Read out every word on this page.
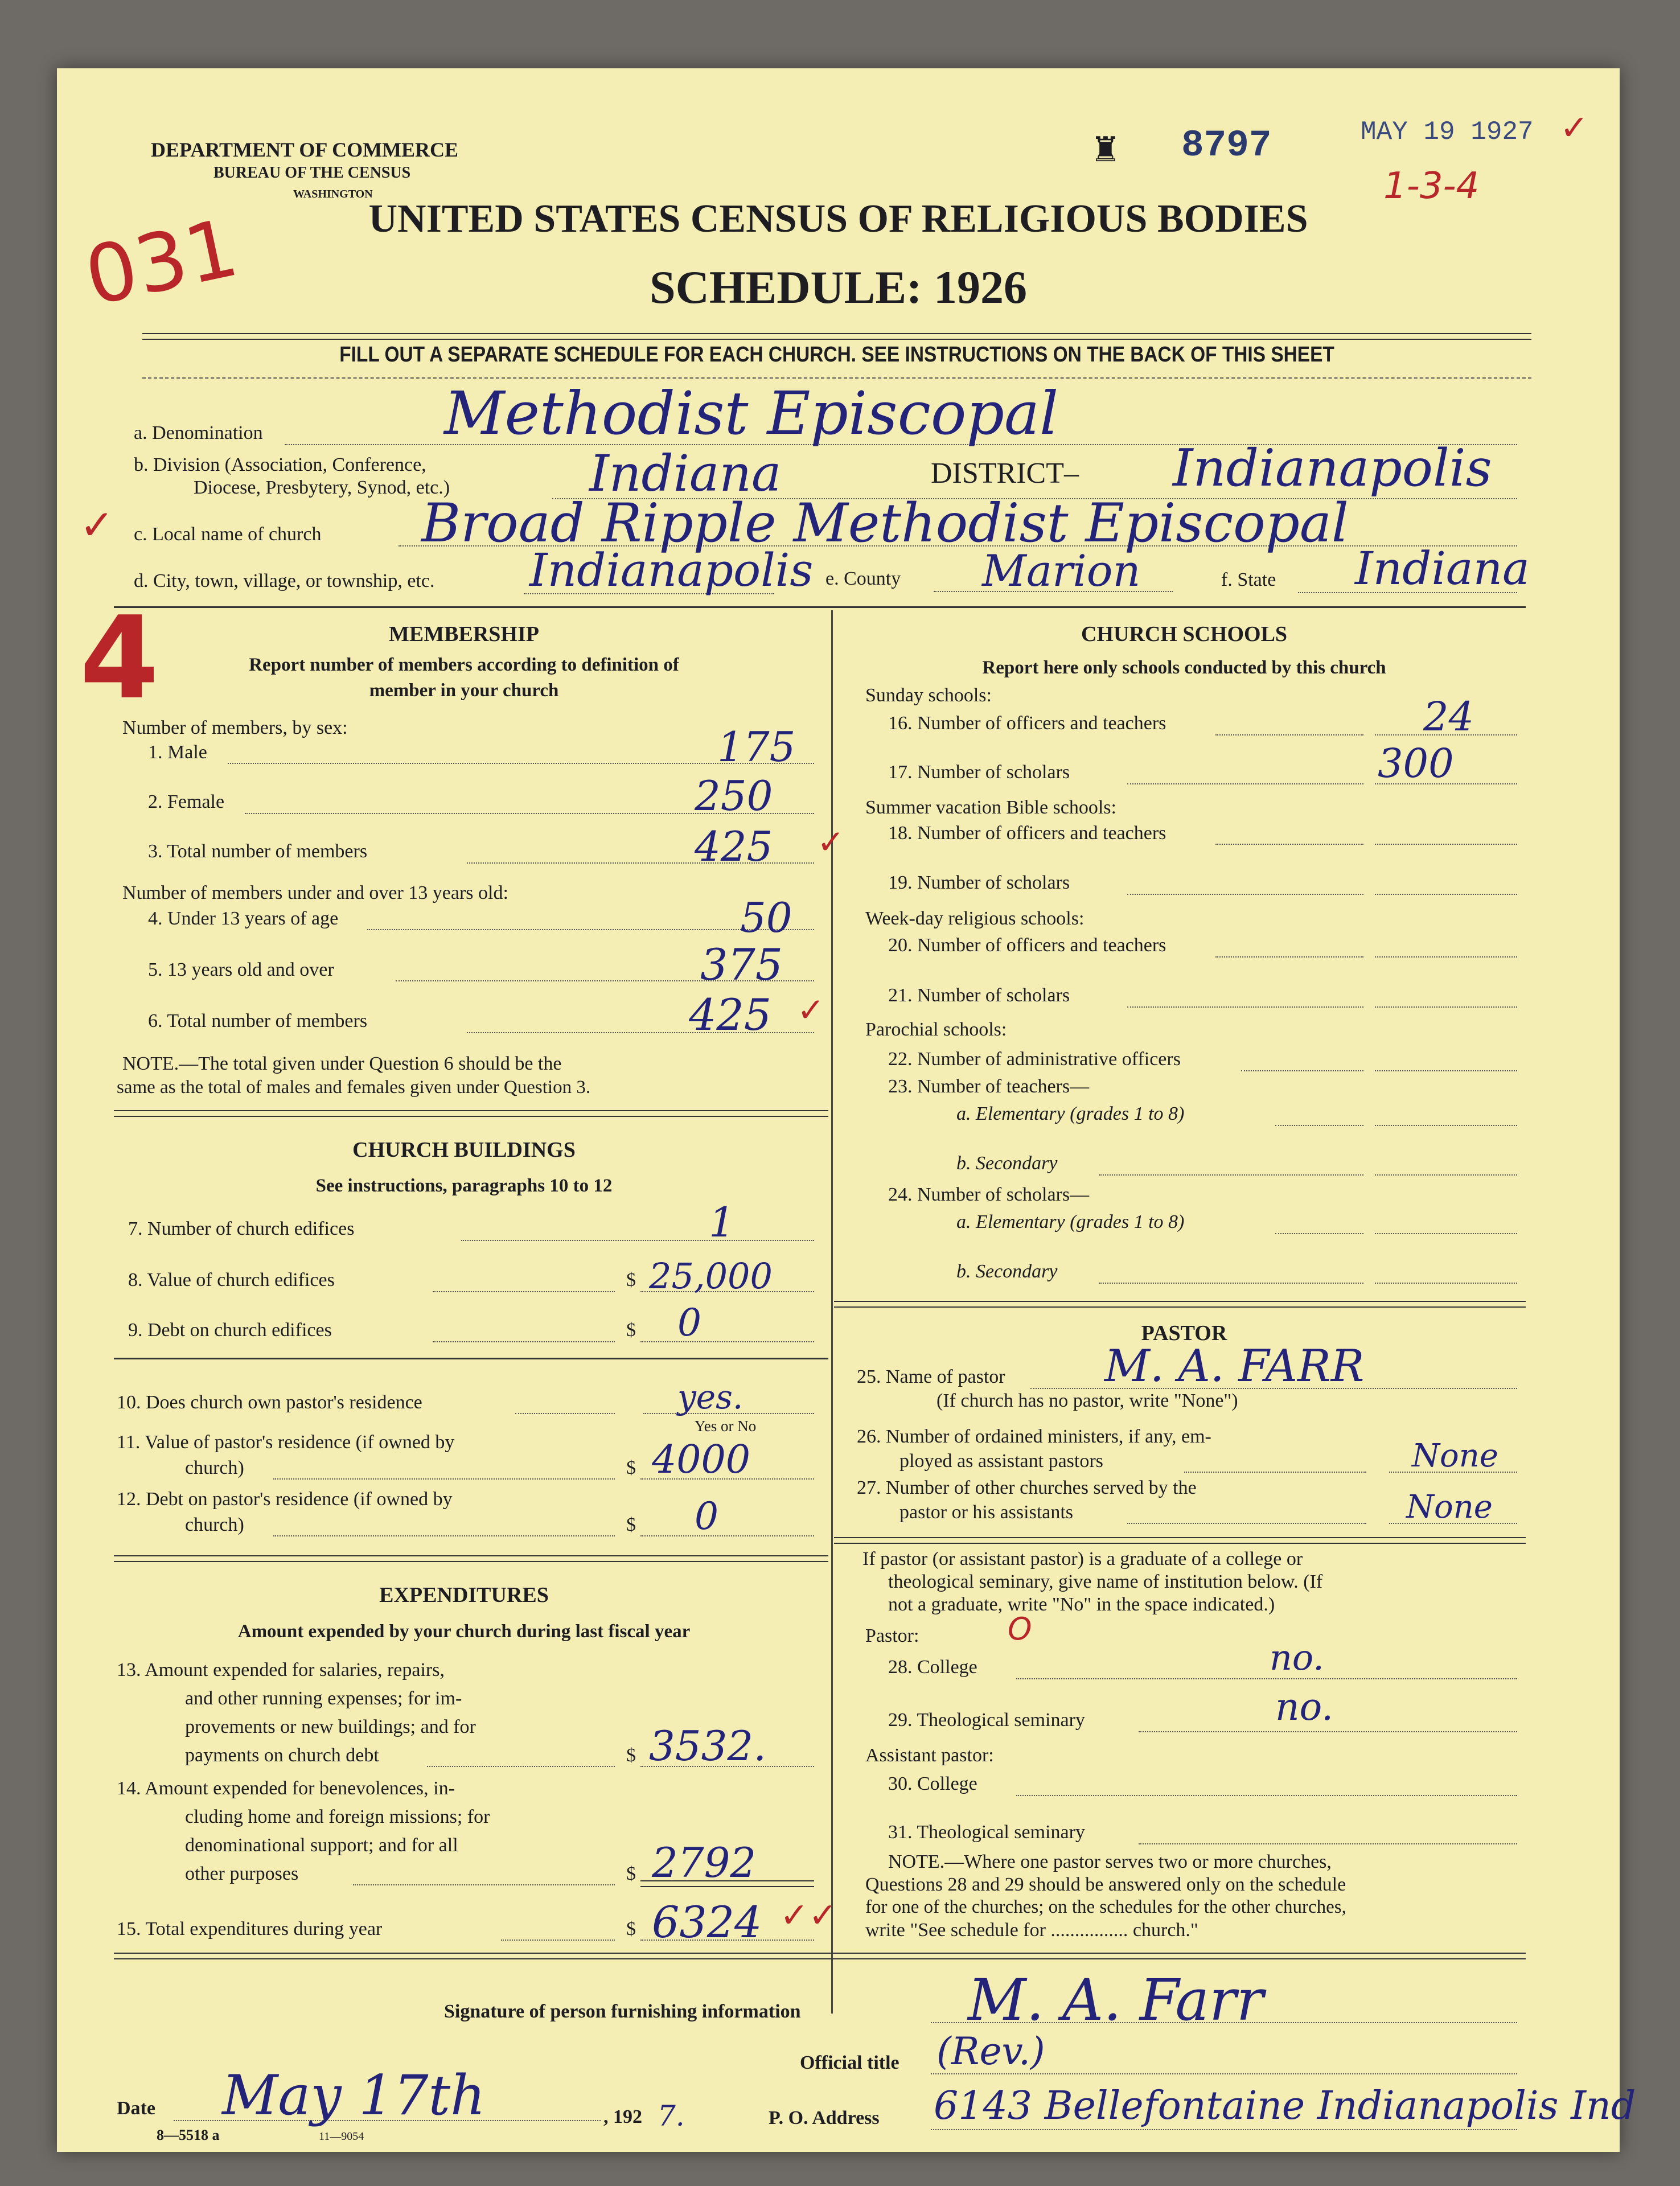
DEPARTMENT OF COMMERCE
BUREAU OF THE CENSUS
WASHINGTON
♜ 8797	MAY 19 1927 ✓
1-3-4
031
✓
4
UNITED STATES CENSUS OF RELIGIOUS BODIES
SCHEDULE: 1926
FILL OUT A SEPARATE SCHEDULE FOR EACH CHURCH. SEE INSTRUCTIONS ON THE BACK OF THIS SHEET
a. Denomination	Methodist Episcopal
b. Division (Association, Conference,
Diocese, Presbytery, Synod, etc.)	Indiana	DISTRICT– Indianapolis
c. Local name of church Broad Ripple Methodist Episcopal
d. City, town, village, or township, etc. Indianapolis e. County Marion	f. State Indiana
MEMBERSHIP
Report number of members according to definition of
member in your church
Number of members, by sex:
1. Male	175
2. Female	250
3. Total number of members	425 ✓
Number of members under and over 13 years old:
4. Under 13 years of age	50
5. 13 years old and over	375
6. Total number of members	425 ✓
NOTE.—The total given under Question 6 should be the
same as the total of males and females given under Question 3.
CHURCH BUILDINGS
See instructions, paragraphs 10 to 12
7. Number of church edifices	1
8. Value of church edifices	$ 25,000
9. Debt on church edifices	$ 0
10. Does church own pastor's residence	yes.
Yes or No
11. Value of pastor's residence (if owned by
church)	$ 4000
12. Debt on pastor's residence (if owned by
church)	$ 0
EXPENDITURES
Amount expended by your church during last fiscal year
13. Amount expended for salaries, repairs,
and other running expenses; for im-
provements or new buildings; and for
payments on church debt	$ 3532.
14. Amount expended for benevolences, in-
cluding home and foreign missions; for
denominational support; and for all
other purposes	$ 2792
15. Total expenditures during year	$ 6324 ✓✓
CHURCH SCHOOLS
Report here only schools conducted by this church
Sunday schools:
16. Number of officers and teachers	24
17. Number of scholars	300
Summer vacation Bible schools:
18. Number of officers and teachers
19. Number of scholars
Week-day religious schools:
20. Number of officers and teachers
21. Number of scholars
Parochial schools:
22. Number of administrative officers
23. Number of teachers—
a. Elementary (grades 1 to 8)
b. Secondary
24. Number of scholars—
a. Elementary (grades 1 to 8)
b. Secondary
PASTOR
25. Name of pastor M. A. FARR
(If church has no pastor, write "None")
26. Number of ordained ministers, if any, em-
ployed as assistant pastors	None
27. Number of other churches served by the
pastor or his assistants	None
If pastor (or assistant pastor) is a graduate of a college or
theological seminary, give name of institution below. (If
not a graduate, write "No" in the space indicated.)
Pastor:	O
28. College	no.
29. Theological seminary	no.
Assistant pastor:
30. College
31. Theological seminary
NOTE.—Where one pastor serves two or more churches,
Questions 28 and 29 should be answered only on the schedule
for one of the churches; on the schedules for the other churches,
write "See schedule for ................ church."
Signature of person furnishing information	M. A. Farr
Official title (Rev.)
Date May 17th	, 192 7.	P. O. Address 6143 Bellefontaine Indianapolis Ind
8—5518 a	11—9054
